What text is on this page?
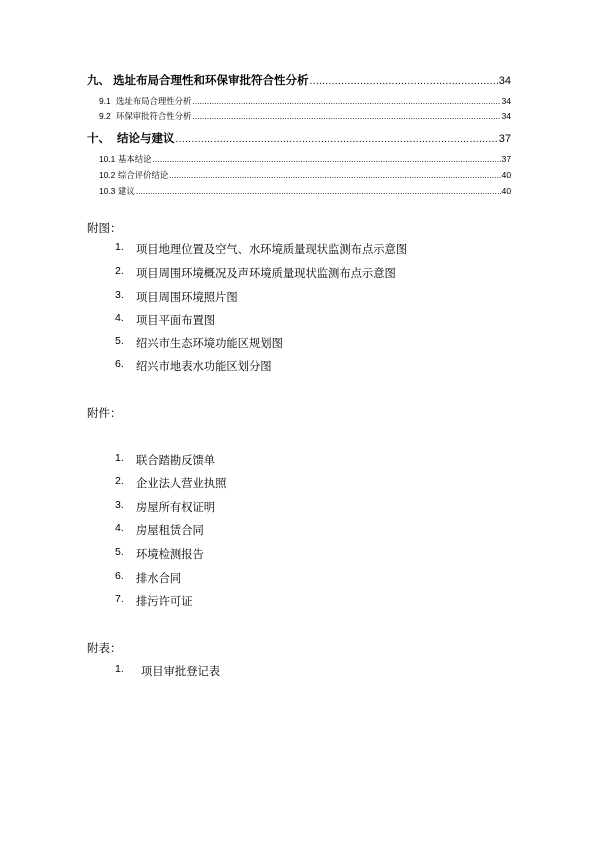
九、 选址布局合理性和环保审批符合性分析 .....	34
9.1 选址布局合理性分析 .....	34
9.2 环保审批符合性分析 .....	34
十、 结论与建议 .....	37
10.1 基本结论 .....	37
10.2 综合评价结论 .....	40
10.3 建议 .....	40
附图：
1. 项目地理位置及空气、水环境质量现状监测布点示意图
2. 项目周围环境概况及声环境质量现状监测布点示意图
3. 项目周围环境照片图
4. 项目平面布置图
5. 绍兴市生态环境功能区规划图
6. 绍兴市地表水功能区划分图
附件：
1. 联合踏勘反馈单
2. 企业法人营业执照
3. 房屋所有权证明
4. 房屋租赁合同
5. 环境检测报告
6. 排水合同
7. 排污许可证
附表：
1. 项目审批登记表
